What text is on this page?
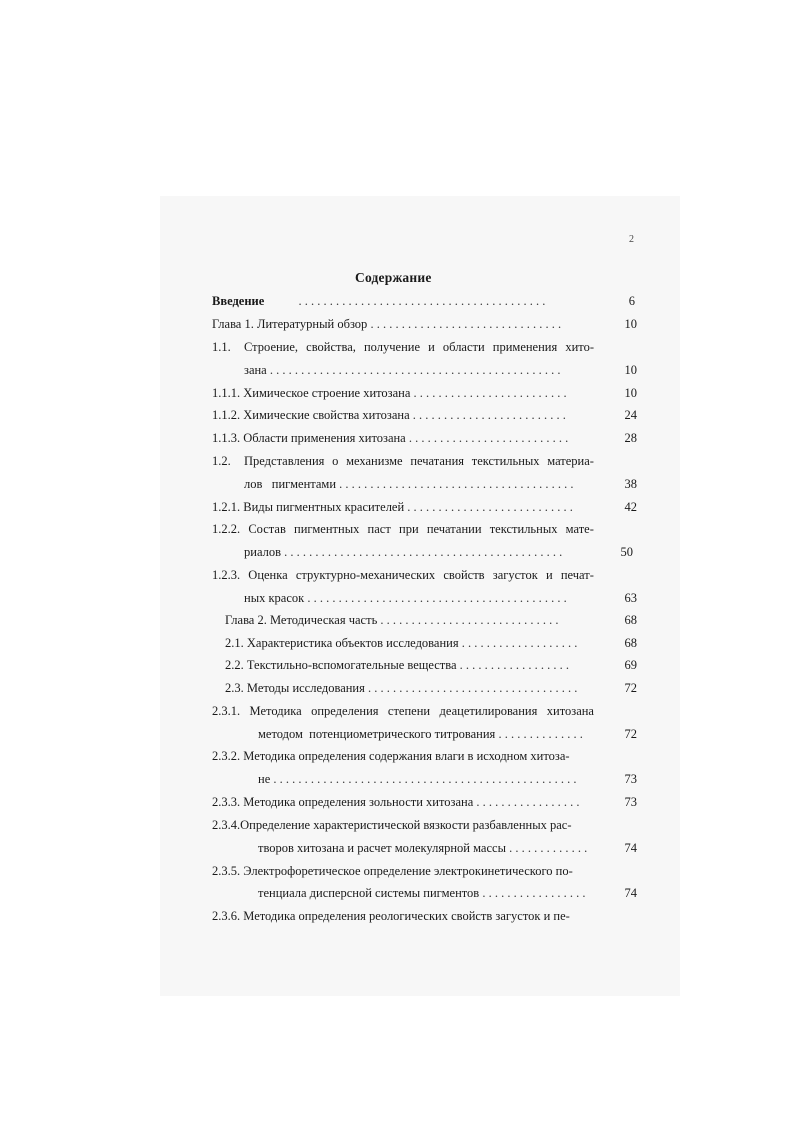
2
Содержание
Введение	. . . . . . . . . . . . . . . . . . . . . . . . . . . . . . . . . . . . . . . .	6
Глава 1. Литературный обзор . . . . . . . . . . . . . . . . . . . . . . . . . . . . . . .	10
1.1.	Строение, свойства, получение и области применения хито-
зана . . . . . . . . . . . . . . . . . . . . . . . . . . . . . . . . . . . . . . . . . . . . . . .	10
1.1.1. Химическое строение хитозана . . . . . . . . . . . . . . . . . . . . . . . . .	10
1.1.2. Химические свойства хитозана . . . . . . . . . . . . . . . . . . . . . . . . .	24
1.1.3. Области применения хитозана . . . . . . . . . . . . . . . . . . . . . . . . . .	28
1.2.	Представления о механизме печатания текстильных материа-
лов   пигментами . . . . . . . . . . . . . . . . . . . . . . . . . . . . . . . . . . . . . .	38
1.2.1. Виды пигментных красителей . . . . . . . . . . . . . . . . . . . . . . . . . . .	42
1.2.2. Состав пигментных паст при печатании текстильных мате-
риалов . . . . . . . . . . . . . . . . . . . . . . . . . . . . . . . . . . . . . . . . . . . . .	50
1.2.3. Оценка структурно-механических свойств загусток и печат-
ных красок . . . . . . . . . . . . . . . . . . . . . . . . . . . . . . . . . . . . . . . . . .	63
Глава 2. Методическая часть . . . . . . . . . . . . . . . . . . . . . . . . . . . . .	68
2.1. Характеристика объектов исследования . . . . . . . . . . . . . . . . . . .	68
2.2. Текстильно-вспомогательные вещества . . . . . . . . . . . . . . . . . .	69
2.3. Методы исследования . . . . . . . . . . . . . . . . . . . . . . . . . . . . . . . . . .	72
2.3.1. Методика определения степени деацетилирования хитозана
методом  потенциометрического титрования . . . . . . . . . . . . . .	72
2.3.2. Методика определения содержания влаги в исходном хитоза-
не . . . . . . . . . . . . . . . . . . . . . . . . . . . . . . . . . . . . . . . . . . . . . . . . .	73
2.3.3. Методика определения зольности хитозана . . . . . . . . . . . . . . . . .	73
2.3.4.Определение характеристической вязкости разбавленных рас-
творов хитозана и расчет молекулярной массы . . . . . . . . . . . . .	74
2.3.5. Электрофоретическое определение электрокинетического по-
тенциала дисперсной системы пигментов . . . . . . . . . . . . . . . . .	74
2.3.6. Методика определения реологических свойств загусток и пе-
